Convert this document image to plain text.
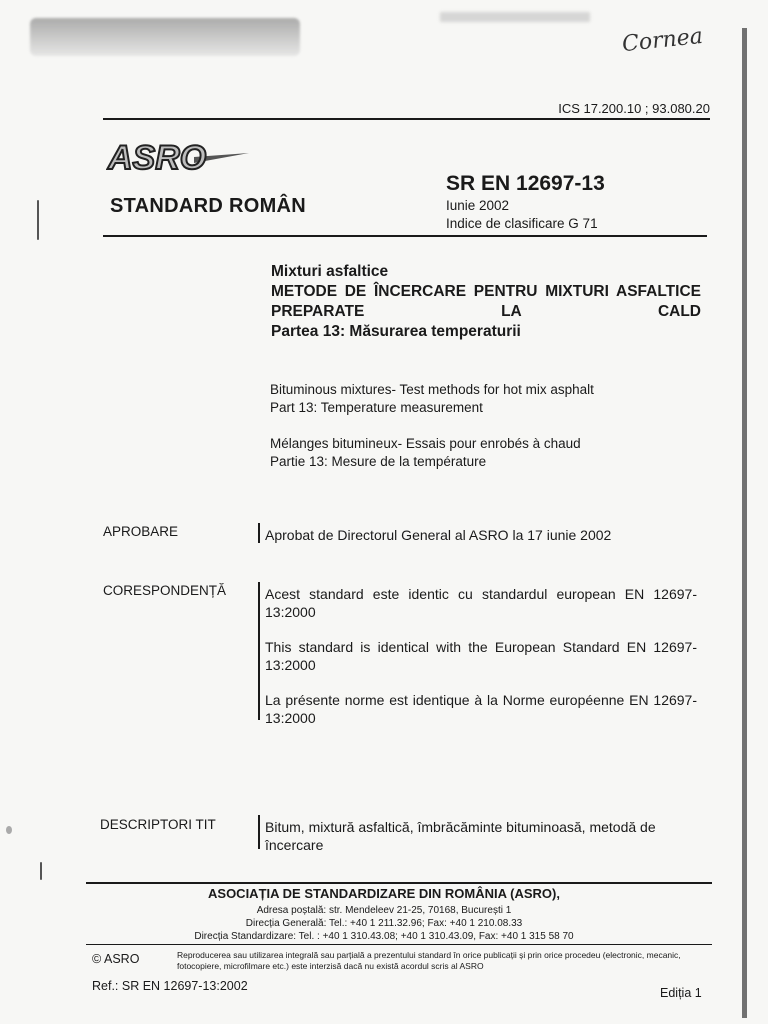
Cornea
ICS 17.200.10 ; 93.080.20
ASRO
STANDARD ROMÂN
SR EN 12697-13
Iunie 2002
Indice de clasificare G 71
Mixturi asfaltice
METODE DE ÎNCERCARE PENTRU MIXTURI ASFALTICE PREPARATE LA CALD
Partea 13: Măsurarea temperaturii
Bituminous mixtures- Test methods for hot mix asphalt
Part 13: Temperature measurement
Mélanges bitumineux- Essais pour enrobés à chaud
Partie 13: Mesure de la température
APROBARE	Aprobat de Directorul General al ASRO la 17 iunie 2002
CORESPONDENȚĂ	Acest standard este identic cu standardul european EN 12697-13:2000
This standard is identical with the European Standard EN 12697-13:2000
La présente norme est identique à la Norme européenne EN 12697-13:2000
DESCRIPTORI TIT	Bitum, mixtură asfaltică, îmbrăcăminte bituminoasă, metodă de încercare
ASOCIAȚIA DE STANDARDIZARE DIN ROMÂNIA (ASRO),
Adresa poștală: str. Mendeleev 21-25, 70168, București 1
Direcția Generală: Tel.: +40 1 211.32.96; Fax: +40 1 210.08.33
Direcția Standardizare: Tel. : +40 1 310.43.08; +40 1 310.43.09, Fax: +40 1 315 58 70
© ASRO	Reproducerea sau utilizarea integrală sau parțială a prezentului standard în orice publicații și prin orice procedeu (electronic, mecanic, fotocopiere, microfilmare etc.) este interzisă dacă nu există acordul scris al ASRO
Ref.: SR EN 12697-13:2002	Ediția 1
